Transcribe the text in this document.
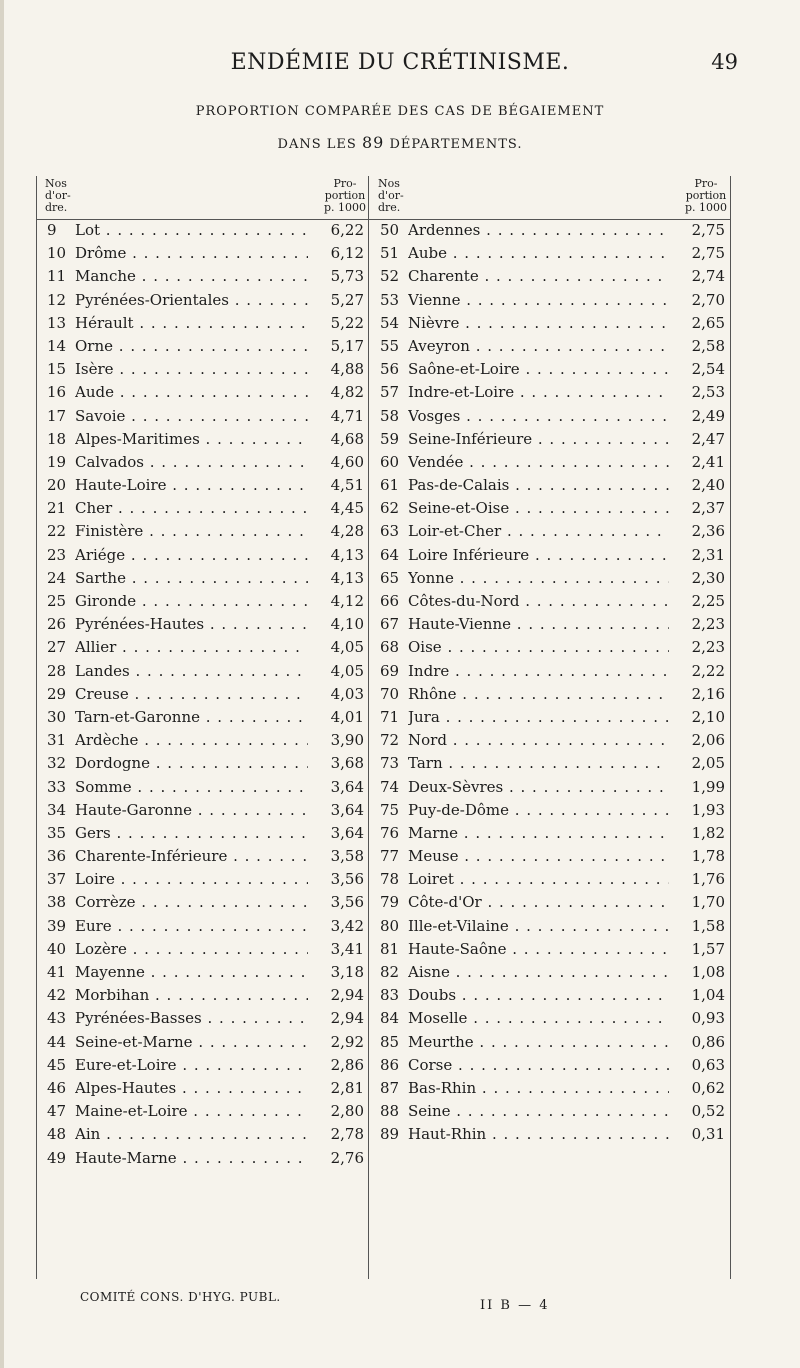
ENDÉMIE DU CRÉTINISME.	49
PROPORTION COMPARÉE DES CAS DE BÉGAIEMENT
DANS LES 89 DÉPARTEMENTS.
Nos
d'or-
dre.
Pro-
portion
p. 1000
9	Lot . . .	6,22
10 Drôme . . .	6,12
11 Manche . . .	5,73
12 Pyrénées-Orientales . . .	5,27
13 Hérault . . .	5,22
14 Orne . . .	5,17
15 Isère . . .	4,88
16 Aude . . .	4,82
17 Savoie . . .	4,71
18 Alpes-Maritimes . . .	4,68
19 Calvados . . .	4,60
20 Haute-Loire . . .	4,51
21 Cher . . .	4,45
22 Finistère . . .	4,28
23 Ariége . . .	4,13
24 Sarthe . . .	4,13
25 Gironde . . .	4,12
26 Pyrénées-Hautes . . .	4,10
27 Allier . . .	4,05
28 Landes . . .	4,05
29 Creuse . . .	4,03
30 Tarn-et-Garonne . . .	4,01
31 Ardèche . . .	3,90
32 Dordogne . . .	3,68
33 Somme . . .	3,64
34 Haute-Garonne . . .	3,64
35 Gers . . .	3,64
36 Charente-Inférieure . . .	3,58
37 Loire . . .	3,56
38 Corrèze . . .	3,56
39 Eure . . .	3,42
40 Lozère . . .	3,41
41 Mayenne . . .	3,18
42 Morbihan . . .	2,94
43 Pyrénées-Basses . . .	2,94
44 Seine-et-Marne . . .	2,92
45 Eure-et-Loire . . .	2,86
46 Alpes-Hautes . . .	2,81
47 Maine-et-Loire . . .	2,80
48 Ain . . .	2,78
49 Haute-Marne . . .	2,76
Nos
d'or-
dre.
Pro-
portion
p. 1000
50 Ardennes . . .	2,75
51 Aube . . .	2,75
52 Charente . . .	2,74
53 Vienne . . .	2,70
54 Nièvre . . .	2,65
55 Aveyron . . .	2,58
56 Saône-et-Loire . . .	2,54
57 Indre-et-Loire . . .	2,53
58 Vosges . . .	2,49
59 Seine-Inférieure . . .	2,47
60 Vendée . . .	2,41
61 Pas-de-Calais . . .	2,40
62 Seine-et-Oise . . .	2,37
63 Loir-et-Cher . . .	2,36
64 Loire Inférieure . . .	2,31
65 Yonne . . .	2,30
66 Côtes-du-Nord . . .	2,25
67 Haute-Vienne . . .	2,23
68 Oise . . .	2,23
69 Indre . . .	2,22
70 Rhône . . .	2,16
71 Jura . . .	2,10
72 Nord . . .	2,06
73 Tarn . . .	2,05
74 Deux-Sèvres . . .	1,99
75 Puy-de-Dôme . . .	1,93
76 Marne . . .	1,82
77 Meuse . . .	1,78
78 Loiret . . .	1,76
79 Côte-d'Or . . .	1,70
80 Ille-et-Vilaine . . .	1,58
81 Haute-Saône . . .	1,57
82 Aisne . . .	1,08
83 Doubs . . .	1,04
84 Moselle . . .	0,93
85 Meurthe . . .	0,86
86 Corse . . .	0,63
87 Bas-Rhin . . .	0,62
88 Seine . . .	0,52
89 Haut-Rhin . . .	0,31
COMITÉ CONS. D'HYG. PUBL.
II B — 4
